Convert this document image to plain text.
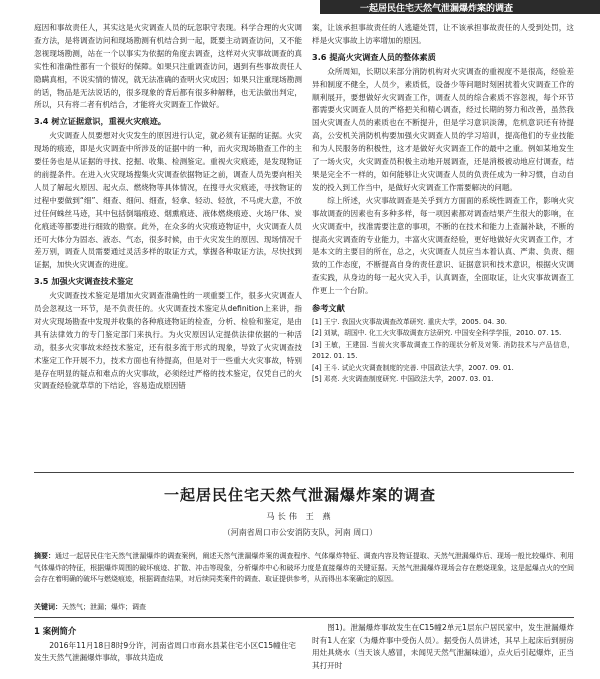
一起居民住宅天然气泄漏爆炸案的调查

庭因和事故责任人，其实这是火灾调查人员的玩忽职守表现。科学合理的火灾调查方法，是将调查访问和现场勘测有机结合到一起，既要主动调查访问，又不能忽视现场勘测，站在一个以事实为依据的角度去调查，这样对火灾事故调查的真实性和准确性都有一个很好的保障。如果只注重调查访问，遇到有些事故责任人隐瞒真相，不说实情的情况，就无法准确的查明火灾成因；如果只注重现场勘测的话，物品是无法说话的，很多现象的背后都有很多种解释，也无法做出判定，所以，只有将二者有机结合，才能将火灾调查工作做好。

3.4 树立证据意识，重视火灾痕迹。

火灾调查人员要想对火灾发生的原因进行认定，就必须有证据的证据。火灾现场的痕迹，即是火灾调查中所涉及的证据中的一种，而火灾现场勘查工作的主要任务也是从证据的寻找、挖掘、收集、检测鉴定。重视火灾痕迹，是发现物证的前提条件。在进入火灾现场搜集火灾调查依据物证之前，调查人员先要向相关人员了解起火原因、起火点、燃烧物等具体情况，在搜寻火灾痕迹，寻找物证的过程中要做到“细”、细查、细问、细查，轻拿、轻动、轻放，不马虎大意，不放过任何蛛丝马迹，其中包括倒塌痕迹、烟熏痕迹、液体燃烧痕迹、火场尸体、炭化痕迹等都要进行细致的勘察。此外，在众多的火灾痕迹物证中，火灾调查人员还可大体分为固态、液态、气态，很多时候，由于火灾发生的原因、现场情况千差万别，调查人员需要通过灵活多样的取证方式，掌握各种取证方法，尽快找到证据，加快火灾调查的进度。

3.5 加强火灾调查技术鉴定

火灾调查技术鉴定是增加火灾调查准确性的一项重要工作，很多火灾调查人员会忽视这一环节，是不负责任的。火灾调查技术鉴定从definition上来讲，指对火灾现场勘查中发现并收集的各种痕迹物证的检查，分析、检验和鉴定，是由具有法律效力的专门鉴定部门来执行。为火灾原因认定提供法律依据的一种活动，很多火灾事故未经技术鉴定，还有很多流于形式的现象，导致了火灾调查技术鉴定工作开展不力，技术方面也有待提高，但是对于一些重大火灾事故，特别是存在明显的疑点和难点的火灾事故，必须经过严格的技术鉴定，仅凭自己的火灾调查经验就草草的下结论，容易造成原因错

案，让该承担事故责任的人逃避处罚，让不该承担事故责任的人受到处罚，这样是火灾事故上访率增加的原因。

3.6 提高火灾调查人员的整体素质

众所周知，长期以来部分消防机构对火灾调查的重视度不是很高，经验差异和制度不健全，人员少，素质低，设备少等问题时刻困扰着火灾调查工作的顺利展开，要想做好火灾调查工作，调查人员的综合素质不容忽视，每个环节都需要火灾调查人员的严格把关和精心调查，经过长期的努力和改善，虽然我国火灾调查人员的素质也在不断提升，但是学习意识淡薄，危机意识还有待提高，公安机关消防机构要加强火灾调查人员的学习培训，提高他们的专业技能和为人民服务的积极性，这才是做好火灾调查工作的最中之重。例如某地发生了一场火灾，火灾调查员积极主动地开展调查，还是消极被动地应付调查，结果是完全不一样的，如何能够让火灾调查人员的负责任成为一种习惯，自动自发的投入到工作当中，是做好火灾调查工作需要解决的问题。

综上所述，火灾事故调查是关乎到方方面面的系统性调查工作，影响火灾事故调查的因素也有多种多样，每一项因素都对调查结果产生很大的影响，在火灾调查中，找准需要注意的事项，不断的在技术和能力上查漏补缺，不断的提高火灾调查的专业能力，丰富火灾调查经验，更好地做好火灾调查工作，才是本文的主要目的所在，总之，火灾调查人员应当本着认真、严肃、负责、细致的工作态度，不断提高自身的责任意识、证据意识和技术意识，根据火灾调查实践，从身边的每一起火灾入手，认真调查，全面取证，让火灾事故调查工作更上一个台阶。

参考文献
[1] 王宁. 我国火灾事故调查改革研究. 重庆大学，2005. 04. 30.
[2] 刘斌，胡国中. 化工火灾事故调查方法研究. 中国安全科学学报，2010. 07. 15.
[3] 王敏，王建国. 当前火灾事故调查工作的现状分析及对策. 消防技术与产品信息，2012. 01. 15.
[4] 王斗. 试论火灾调查制度的完善. 中国政法大学，2007. 09. 01.
[5] 邓亮. 火灾调查制度研究. 中国政法大学，2007. 03. 01.
一起居民住宅天然气泄漏爆炸案的调查
马长伟 王 燕
（河南省周口市公安消防支队，河南 周口）
摘要：通过一起居民住宅天然气泄漏爆炸的调查案例，阐述天然气泄漏爆炸案的调查程序、气体爆炸特征、调查内容及物证提取、天然气泄漏爆炸后、现场一般比较爆炸、利用气体爆炸的特征，根据爆炸周围的破坏痕迹、扩散、冲击等现象，分析爆炸中心和破坏力度是直接爆炸的关键证据。天然气泄漏爆炸现场会存在燃烧现象，这是起爆点火的空间会存在着明确的破坏与燃烧痕迹，根据调查结果，对后续同类案件的调查、取证提供参考，从而得出本案确定的原因。
关键词：天然气；泄漏；爆炸；调查
1 案例简介

2016年11月18日8时9分许，河南省周口市商水县某住宅小区C15幢住宅发生天然气泄漏爆炸事故，事故共造成

图1)。泄漏爆炸事故发生在C15幢2单元1层东户居民家中，发生泄漏爆炸时有1人在家（为爆炸事中受伤人员）。据受伤人员讲述，其早上起床后到厨房用灶具烧水（当天该人感冒，未闻见天然气泄漏味道），点火后引起爆炸，正当其打开时
